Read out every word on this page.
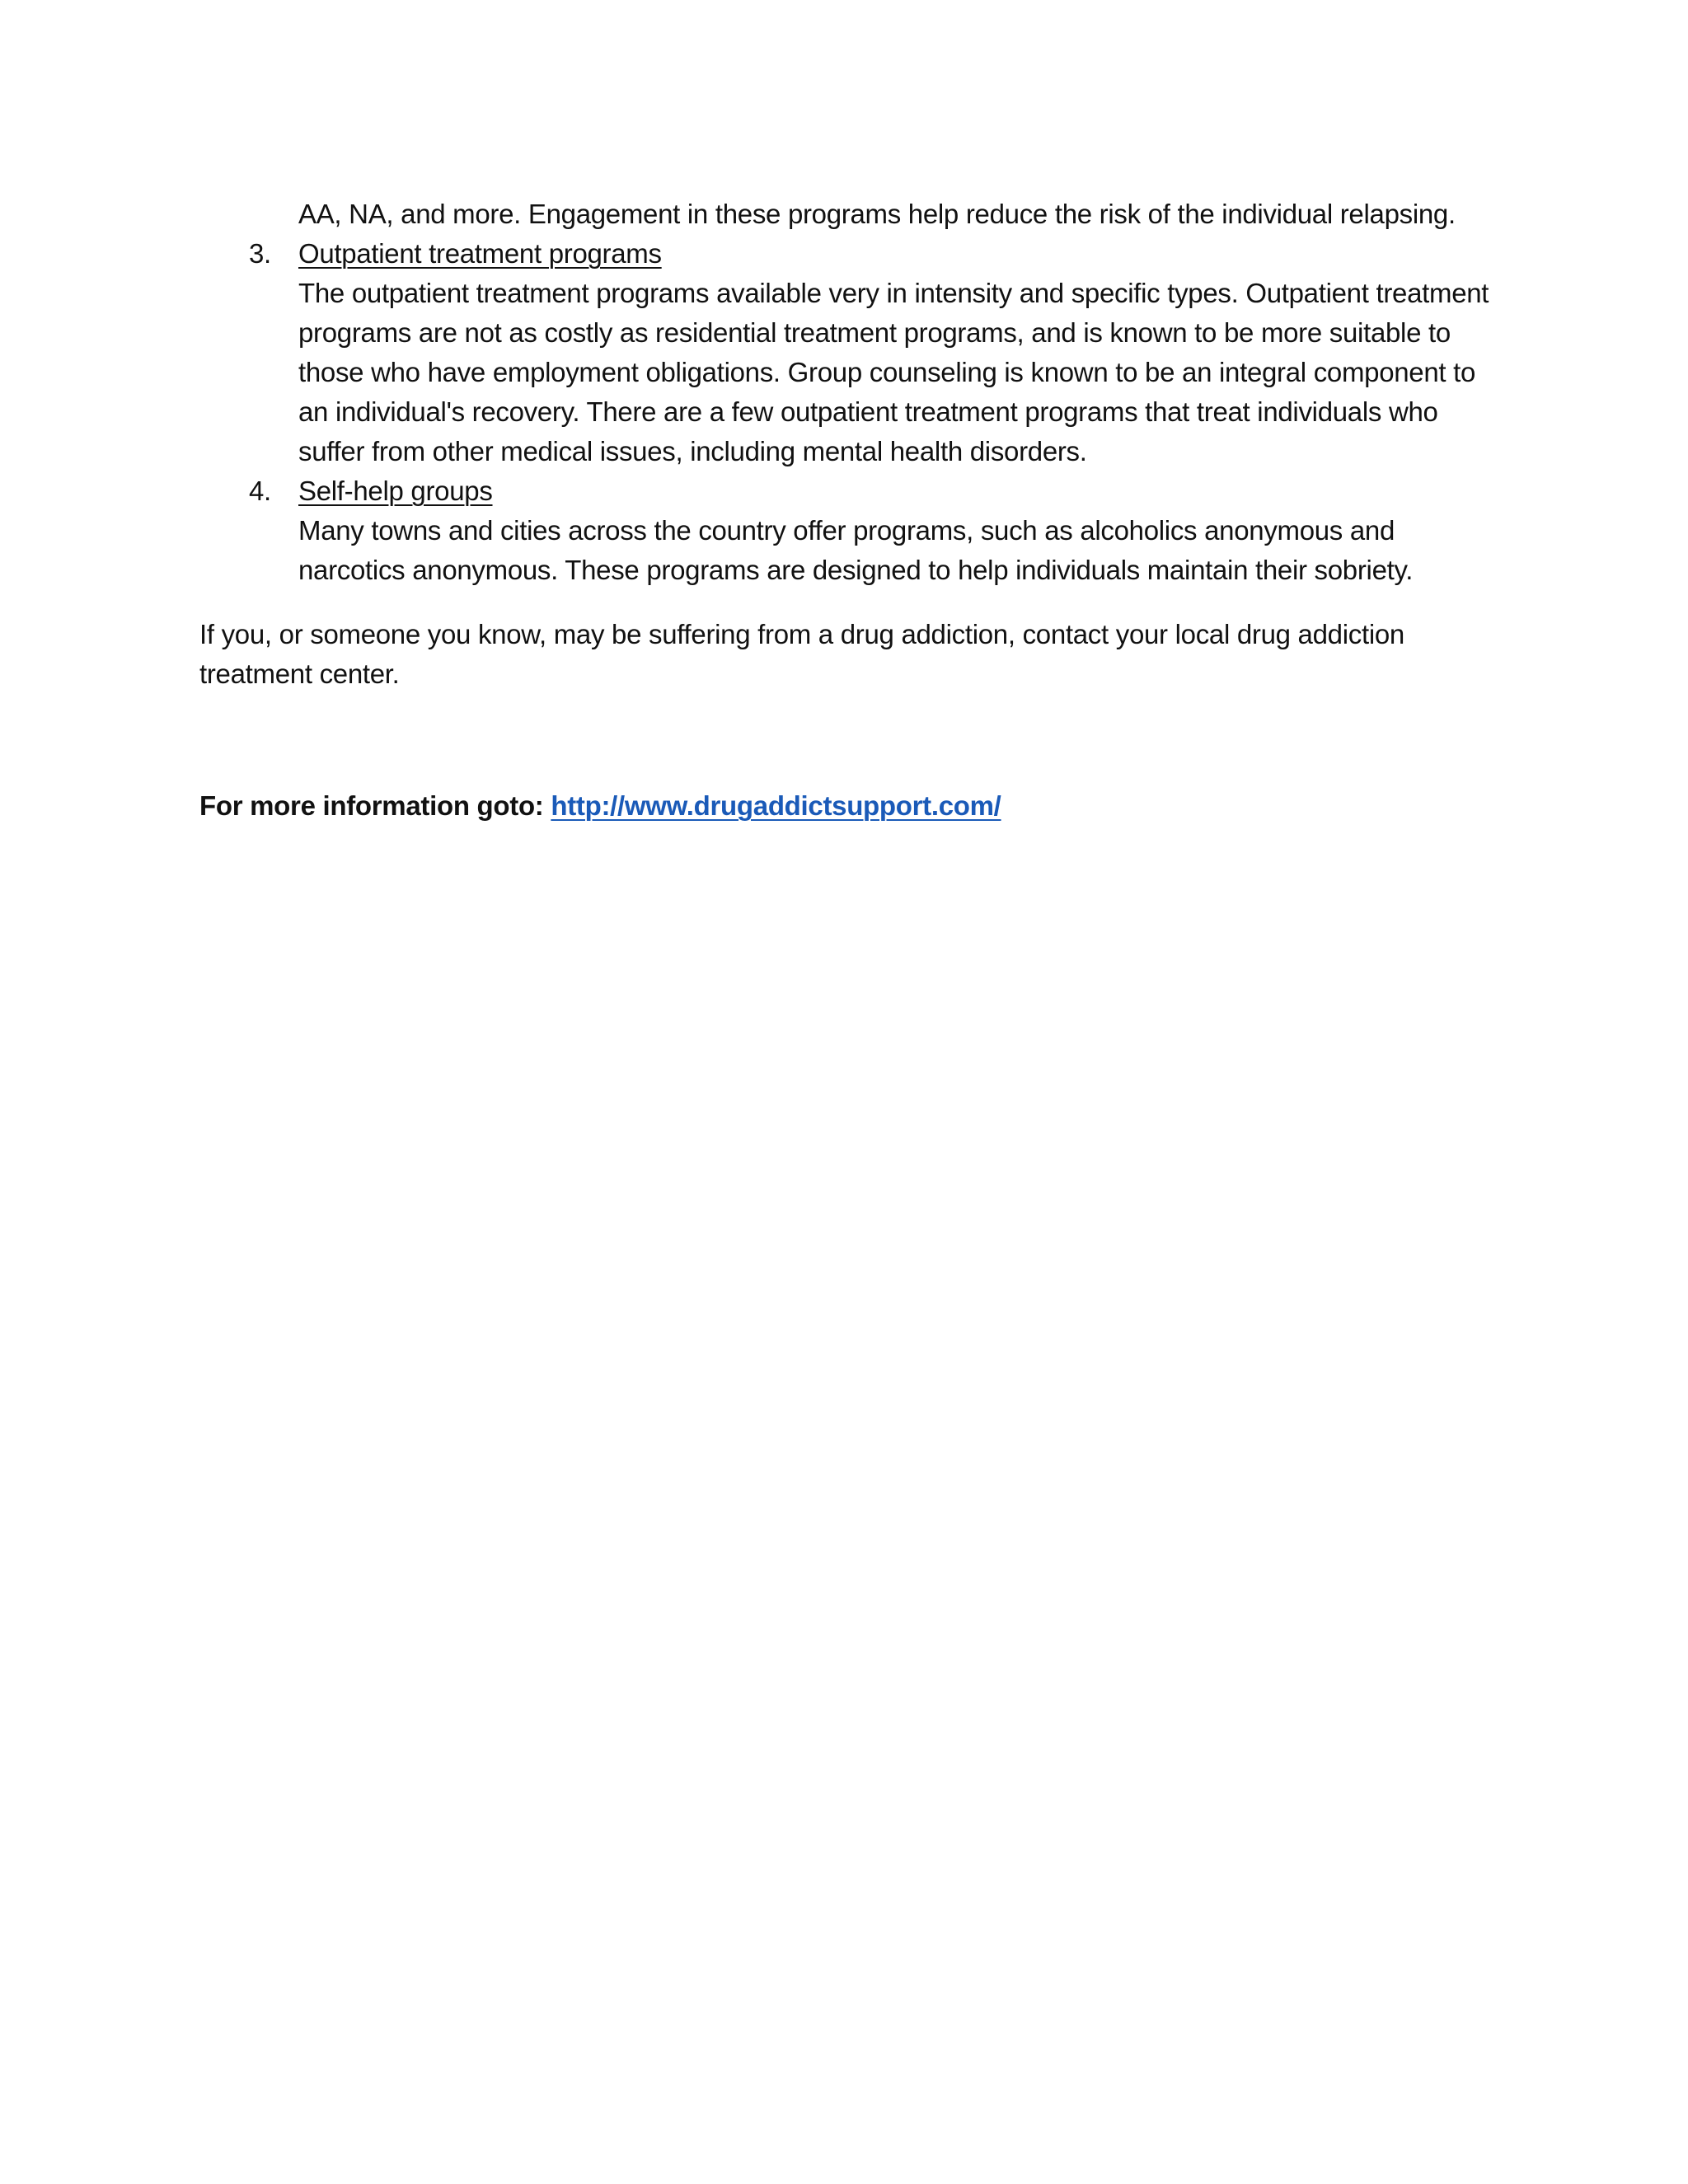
AA, NA, and more. Engagement in these programs help reduce the risk of the individual relapsing.
3.	Outpatient treatment programs
The outpatient treatment programs available very in intensity and specific types. Outpatient treatment programs are not as costly as residential treatment programs, and is known to be more suitable to those who have employment obligations. Group counseling is known to be an integral component to an individual's recovery. There are a few outpatient treatment programs that treat individuals who suffer from other medical issues, including mental health disorders.
4.	Self-help groups
Many towns and cities across the country offer programs, such as alcoholics anonymous and narcotics anonymous. These programs are designed to help individuals maintain their sobriety.

If you, or someone you know, may be suffering from a drug addiction, contact your local drug addiction treatment center.

For more information goto: http://www.drugaddictsupport.com/
